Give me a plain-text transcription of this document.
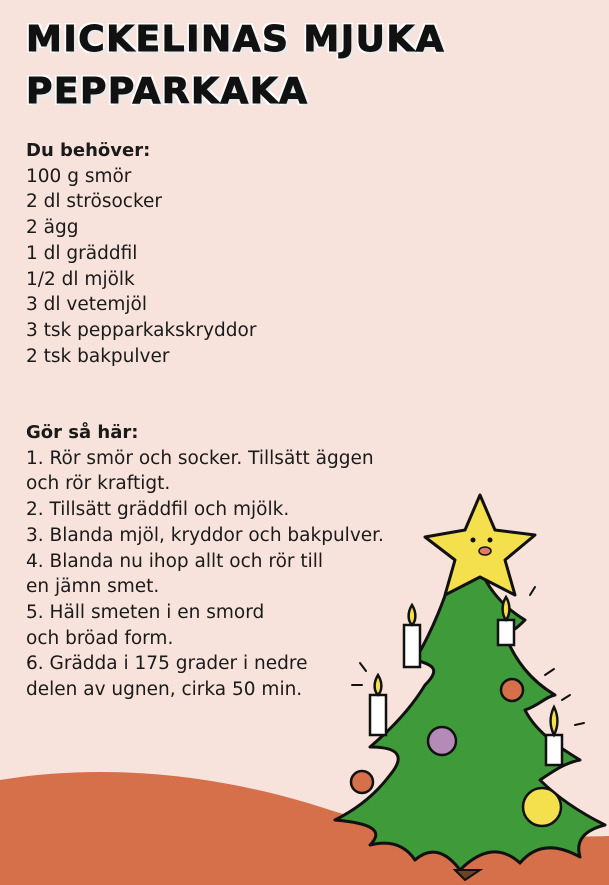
MICKELINAS MJUKA
PEPPARKAKA
Du behöver:
100 g smör
2 dl strösocker
2 ägg
1 dl gräddfil
1/2 dl mjölk
3 dl vetemjöl
3 tsk pepparkakskryddor
2 tsk bakpulver
Gör så här:
1. Rör smör och socker. Tillsätt äggen
och rör kraftigt.
2. Tillsätt gräddfil och mjölk.
3. Blanda mjöl, kryddor och bakpulver.
4. Blanda nu ihop allt och rör till
en jämn smet.
5. Häll smeten i en smord
och bröad form.
6. Grädda i 175 grader i nedre
delen av ugnen, cirka 50 min.
